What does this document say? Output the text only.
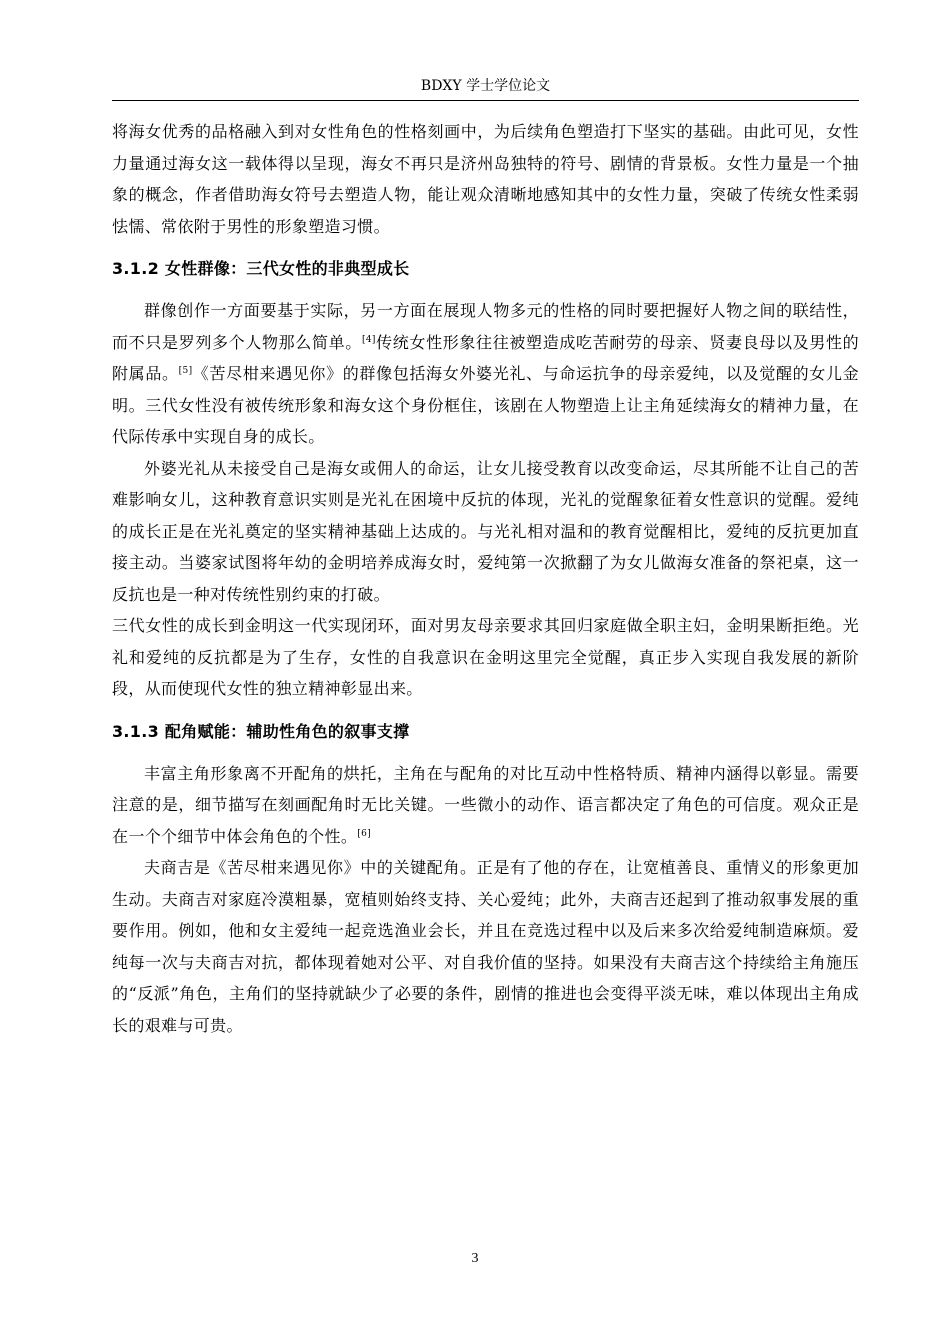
BDXY 学士学位论文

将海女优秀的品格融入到对女性角色的性格刻画中，为后续角色塑造打下坚实的基础。由此可见，女性力量通过海女这一载体得以呈现，海女不再只是济州岛独特的符号、剧情的背景板。女性力量是一个抽象的概念，作者借助海女符号去塑造人物，能让观众清晰地感知其中的女性力量，突破了传统女性柔弱怯懦、常依附于男性的形象塑造习惯。

3.1.2 女性群像：三代女性的非典型成长

群像创作一方面要基于实际，另一方面在展现人物多元的性格的同时要把握好人物之间的联结性，而不只是罗列多个人物那么简单。[4]传统女性形象往往被塑造成吃苦耐劳的母亲、贤妻良母以及男性的附属品。[5]《苦尽柑来遇见你》的群像包括海女外婆光礼、与命运抗争的母亲爱纯，以及觉醒的女儿金明。三代女性没有被传统形象和海女这个身份框住，该剧在人物塑造上让主角延续海女的精神力量，在代际传承中实现自身的成长。

外婆光礼从未接受自己是海女或佣人的命运，让女儿接受教育以改变命运，尽其所能不让自己的苦难影响女儿，这种教育意识实则是光礼在困境中反抗的体现，光礼的觉醒象征着女性意识的觉醒。爱纯的成长正是在光礼奠定的坚实精神基础上达成的。与光礼相对温和的教育觉醒相比，爱纯的反抗更加直接主动。当婆家试图将年幼的金明培养成海女时，爱纯第一次掀翻了为女儿做海女准备的祭祀桌，这一反抗也是一种对传统性别约束的打破。

三代女性的成长到金明这一代实现闭环，面对男友母亲要求其回归家庭做全职主妇，金明果断拒绝。光礼和爱纯的反抗都是为了生存，女性的自我意识在金明这里完全觉醒，真正步入实现自我发展的新阶段，从而使现代女性的独立精神彰显出来。

3.1.3 配角赋能：辅助性角色的叙事支撑

丰富主角形象离不开配角的烘托，主角在与配角的对比互动中性格特质、精神内涵得以彰显。需要注意的是，细节描写在刻画配角时无比关键。一些微小的动作、语言都决定了角色的可信度。观众正是在一个个细节中体会角色的个性。[6]

夫商吉是《苦尽柑来遇见你》中的关键配角。正是有了他的存在，让宽植善良、重情义的形象更加生动。夫商吉对家庭冷漠粗暴，宽植则始终支持、关心爱纯；此外，夫商吉还起到了推动叙事发展的重要作用。例如，他和女主爱纯一起竞选渔业会长，并且在竞选过程中以及后来多次给爱纯制造麻烦。爱纯每一次与夫商吉对抗，都体现着她对公平、对自我价值的坚持。如果没有夫商吉这个持续给主角施压的“反派”角色，主角们的坚持就缺少了必要的条件，剧情的推进也会变得平淡无味，难以体现出主角成长的艰难与可贵。

3
